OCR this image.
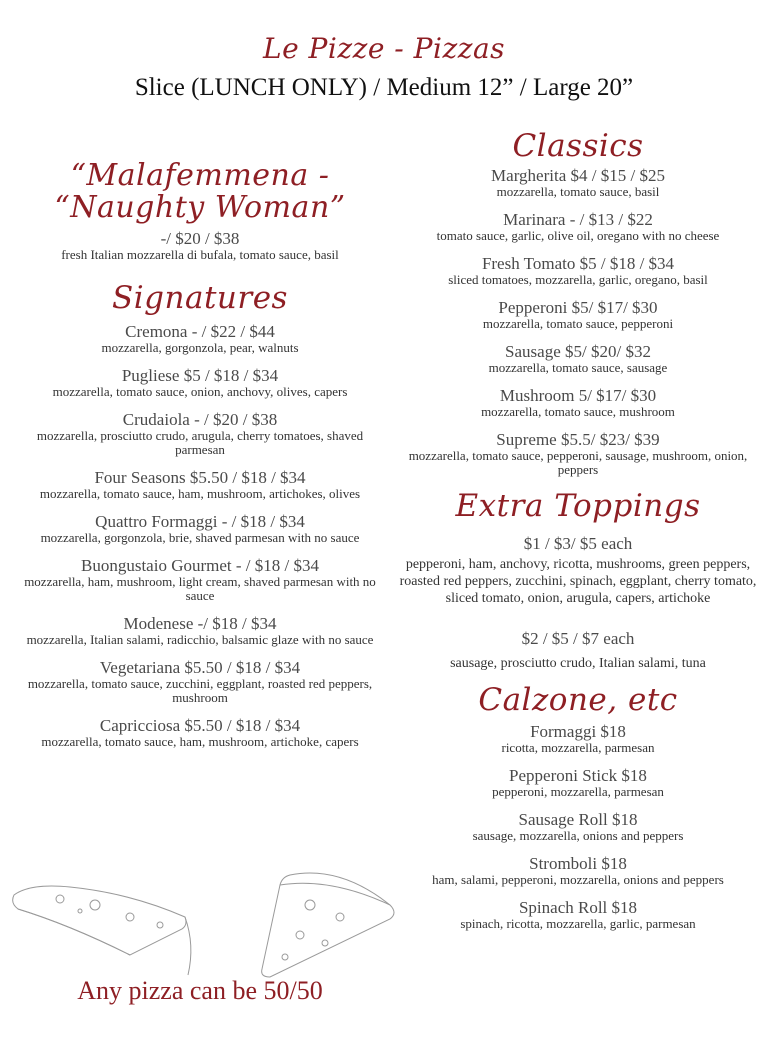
Le Pizze - Pizzas
Slice (LUNCH ONLY) / Medium 12” / Large 20”
“Malafemmena -
“Naughty Woman”
-/ $20 / $38
fresh Italian mozzarella di bufala, tomato sauce, basil
Signatures
Cremona - / $22 / $44
mozzarella, gorgonzola, pear, walnuts
Pugliese $5 / $18 / $34
mozzarella, tomato sauce, onion, anchovy, olives, capers
Crudaiola - / $20 / $38
mozzarella, prosciutto crudo, arugula, cherry tomatoes, shaved parmesan
Four Seasons $5.50 / $18 / $34
mozzarella, tomato sauce, ham, mushroom, artichokes, olives
Quattro Formaggi - / $18 / $34
mozzarella, gorgonzola, brie, shaved parmesan with no sauce
Buongustaio Gourmet - / $18 / $34
mozzarella, ham, mushroom, light cream, shaved parmesan with no sauce
Modenese -/ $18 / $34
mozzarella, Italian salami, radicchio, balsamic glaze with no sauce
Vegetariana $5.50 / $18 / $34
mozzarella, tomato sauce, zucchini, eggplant, roasted red peppers, mushroom
Capricciosa $5.50 / $18 / $34
mozzarella, tomato sauce, ham, mushroom, artichoke, capers
Classics
Margherita $4 / $15 / $25
mozzarella, tomato sauce, basil
Marinara - / $13 / $22
tomato sauce, garlic, olive oil, oregano with no cheese
Fresh Tomato $5 / $18 / $34
sliced tomatoes, mozzarella, garlic, oregano, basil
Pepperoni $5/ $17/ $30
mozzarella, tomato sauce, pepperoni
Sausage $5/ $20/ $32
mozzarella, tomato sauce, sausage
Mushroom 5/ $17/ $30
mozzarella, tomato sauce, mushroom
Supreme $5.5/ $23/ $39
mozzarella, tomato sauce, pepperoni, sausage, mushroom, onion, peppers
Extra Toppings
$1 / $3/ $5 each
pepperoni, ham, anchovy, ricotta, mushrooms, green peppers, roasted red peppers, zucchini, spinach, eggplant, cherry tomato, sliced tomato, onion, arugula, capers, artichoke
$2 / $5 / $7 each
sausage, prosciutto crudo, Italian salami, tuna
Calzone, etc
Formaggi $18
ricotta, mozzarella, parmesan
Pepperoni Stick $18
pepperoni, mozzarella, parmesan
Sausage Roll $18
sausage, mozzarella, onions and peppers
Stromboli $18
ham, salami, pepperoni, mozzarella, onions and peppers
Spinach Roll $18
spinach, ricotta, mozzarella, garlic, parmesan
Any pizza can be 50/50
